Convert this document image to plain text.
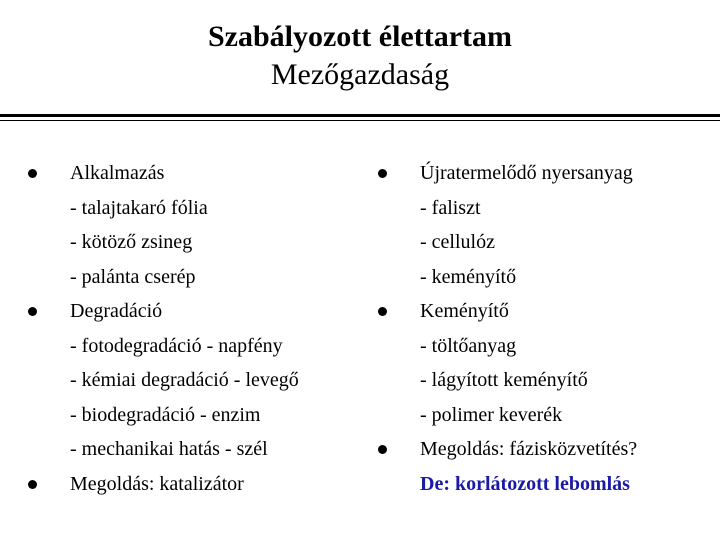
Szabályozott élettartam
Mezőgazdaság
Alkalmazás
- talajtakaró fólia
- kötöző zsineg
- palánta cserép
Degradáció
- fotodegradáció - napfény
- kémiai degradáció - levegő
- biodegradáció - enzim
- mechanikai hatás - szél
Megoldás: katalizátor
Újratermelődő nyersanyag
- faliszt
- cellulóz
- keményítő
Keményítő
- töltőanyag
- lágyított keményítő
- polimer keverék
Megoldás: fázisközvetítés?
De: korlátozott lebomlás
